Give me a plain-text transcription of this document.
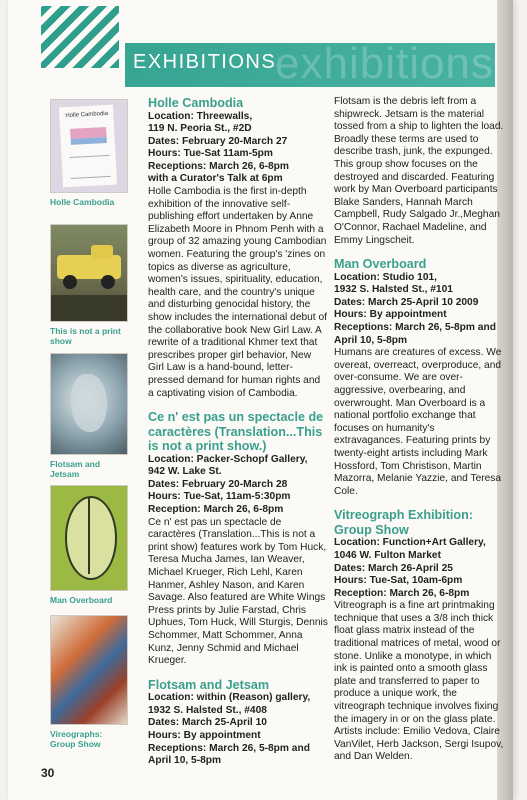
exhibitions
EXHIBITIONS
Holle Cambodia
Holle Cambodia
This is not a print show
Flotsam and Jetsam
Man Overboard
Vireographs: Group Show

Holle Cambodia

Location: Threewalls,

119 N. Peoria St., #2D

Dates: February 20-March 27

Hours: Tue-Sat 11am-5pm

Receptions: March 26, 6-8pm

with a Curator's Talk at 6pm

Holle Cambodia is the first in-depth exhibition of the innovative self-publishing effort undertaken by Anne Elizabeth Moore in Phnom Penh with a group of 32 amazing young Cambodian women. Featuring the group's 'zines on topics as diverse as agriculture, women's issues, spirituality, education, health care, and the country's unique and disturbing genocidal history, the show includes the international debut of the collaborative book New Girl Law. A rewrite of a traditional Khmer text that prescribes proper girl behavior, New Girl Law is a hand-bound, letter-pressed demand for human rights and a captivating vision of Cambodia.

Ce n' est pas un spectacle de caractères (Translation...This is not a print show.)

Location: Packer-Schopf Gallery,

942 W. Lake St.

Dates: February 20-March 28

Hours: Tue-Sat, 11am-5:30pm

Reception: March 26, 6-8pm

Ce n' est pas un spectacle de caractères (Translation...This is not a print show) features work by Tom Huck, Teresa Mucha James, Ian Weaver, Michael Krueger, Rich Lehl, Karen Hanmer, Ashley Nason, and Karen Savage. Also featured are White Wings Press prints by Julie Farstad, Chris Uphues, Tom Huck, Will Sturgis, Dennis Schommer, Matt Schommer, Anna Kunz, Jenny Schmid and Michael Krueger.

Flotsam and Jetsam

Location: within (Reason) gallery,

1932 S. Halsted St., #408

Dates: March 25-April 10

Hours: By appointment

Receptions: March 26, 5-8pm and April 10, 5-8pm

Flotsam is the debris left from a shipwreck. Jetsam is the material tossed from a ship to lighten the load. Broadly these terms are used to describe trash, junk, the expunged. This group show focuses on the destroyed and discarded. Featuring work by Man Overboard participants Blake Sanders, Hannah March Campbell, Rudy Salgado Jr.,Meghan O'Connor, Rachael Madeline, and Emmy Lingscheit.

Man Overboard

Location: Studio 101,

1932 S. Halsted St., #101

Dates: March 25-April 10 2009

Hours: By appointment

Receptions: March 26, 5-8pm and April 10, 5-8pm

Humans are creatures of excess. We overeat, overreact, overproduce, and over-consume. We are over-aggressive, overbearing, and overwrought. Man Overboard is a national portfolio exchange that focuses on humanity's extravagances. Featuring prints by twenty-eight artists including Mark Hossford, Tom Christison, Martin Mazorra, Melanie Yazzie, and Teresa Cole.

Vitreograph Exhibition: Group Show

Location: Function+Art Gallery,

1046 W. Fulton Market

Dates: March 26-April 25

Hours: Tue-Sat, 10am-6pm

Reception: March 26, 6-8pm

Vitreograph is a fine art printmaking technique that uses a 3/8 inch thick float glass matrix instead of the traditional matrices of metal, wood or stone. Unlike a monotype, in which ink is painted onto a smooth glass plate and transferred to paper to produce a unique work, the vitreograph technique involves fixing the imagery in or on the glass plate. Artists include: Emilio Vedova, Claire VanVilet, Herb Jackson, Sergi Isupov, and Dan Welden.

30
